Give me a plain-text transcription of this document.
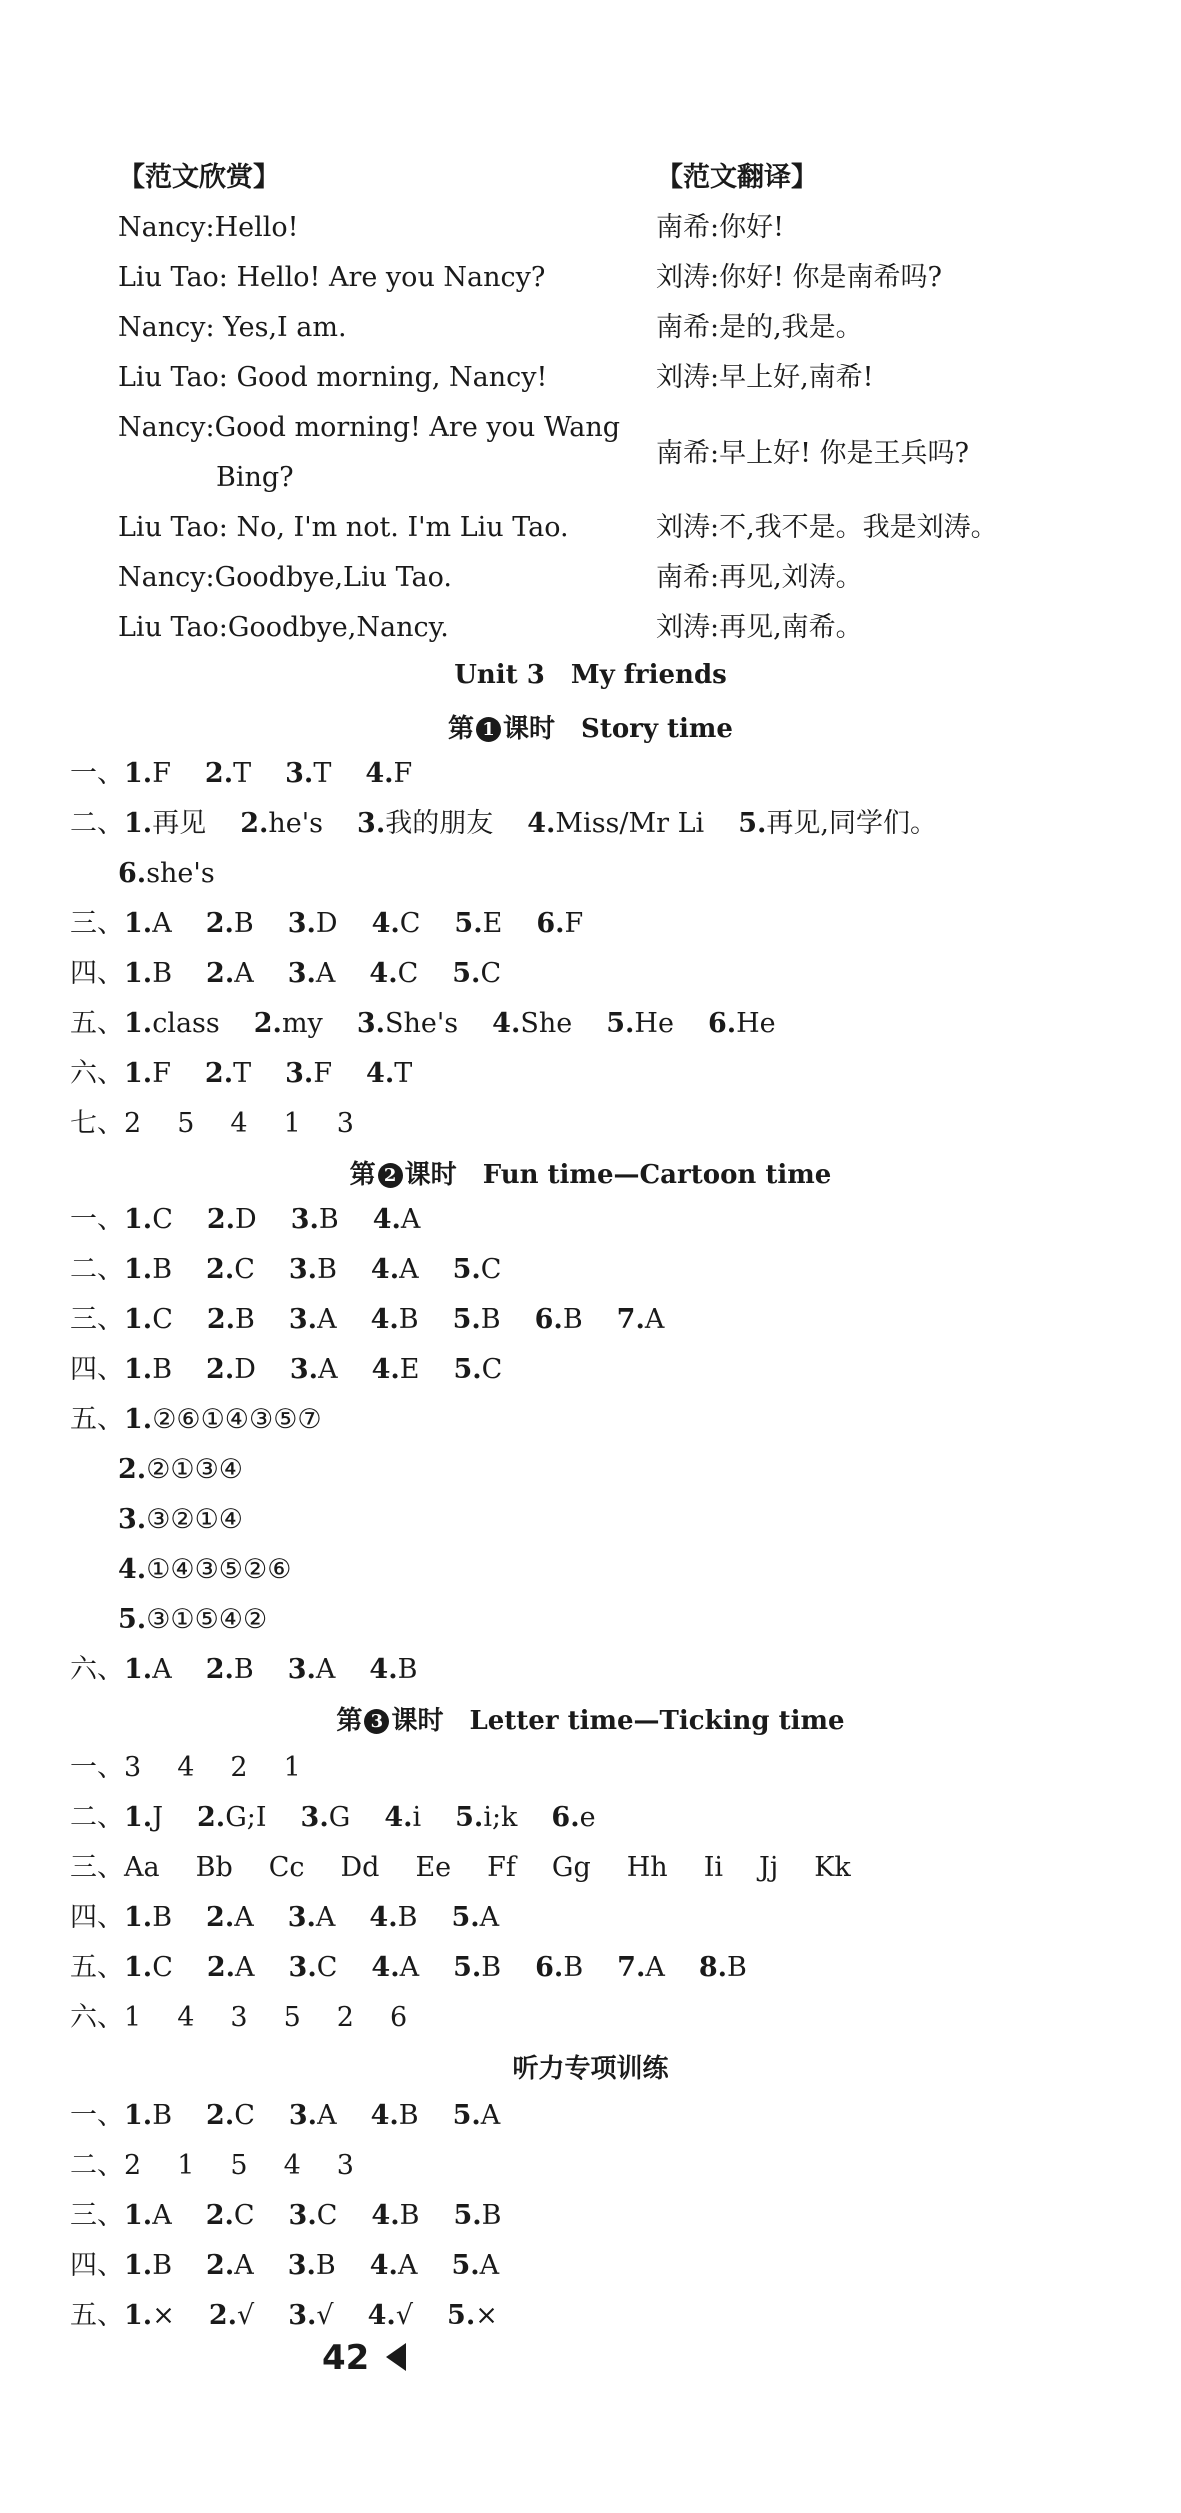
【范文欣赏】	【范文翻译】
Nancy:Hello!
Liu Tao: Hello! Are you Nancy?
Nancy: Yes,I am.
Liu Tao: Good morning, Nancy!
Nancy:Good morning! Are you Wang
Bing?
Liu Tao: No, I'm not. I'm Liu Tao.
Nancy:Goodbye,Liu Tao.
Liu Tao:Goodbye,Nancy.
南希:你好!
刘涛:你好! 你是南希吗?
南希:是的,我是。
刘涛:早上好,南希!
南希:早上好! 你是王兵吗?
刘涛:不,我不是。我是刘涛。
南希:再见,刘涛。
刘涛:再见,南希。
Unit 3 My friends
第 1 课时 Story time
一、1.F 2.T 3.T 4.F
二、1.再见 2.he's 3.我的朋友 4.Miss/Mr Li 5.再见,同学们。
6.she's
三、1.A 2.B 3.D 4.C 5.E 6.F
四、1.B 2.A 3.A 4.C 5.C
五、1.class 2.my 3.She's 4.She 5.He 6.He
六、1.F 2.T 3.F 4.T
七、2 5 4 1 3
第 2 课时 Fun time—Cartoon time
一、1.C 2.D 3.B 4.A
二、1.B 2.C 3.B 4.A 5.C
三、1.C 2.B 3.A 4.B 5.B 6.B 7.A
四、1.B 2.D 3.A 4.E 5.C
五、1.②⑥①④③⑤⑦
2.②①③④
3.③②①④
4.①④③⑤②⑥
5.③①⑤④②
六、1.A 2.B 3.A 4.B
第 3 课时 Letter time—Ticking time
一、3 4 2 1
二、1.J 2.G;I 3.G 4.i 5.i;k 6.e
三、Aa Bb Cc Dd Ee Ff Gg Hh Ii Jj Kk
四、1.B 2.A 3.A 4.B 5.A
五、1.C 2.A 3.C 4.A 5.B 6.B 7.A 8.B
六、1 4 3 5 2 6
听力专项训练
一、1.B 2.C 3.A 4.B 5.A
二、2 1 5 4 3
三、1.A 2.C 3.C 4.B 5.B
四、1.B 2.A 3.B 4.A 5.A
五、1.× 2.√ 3.√ 4.√ 5.×
42
